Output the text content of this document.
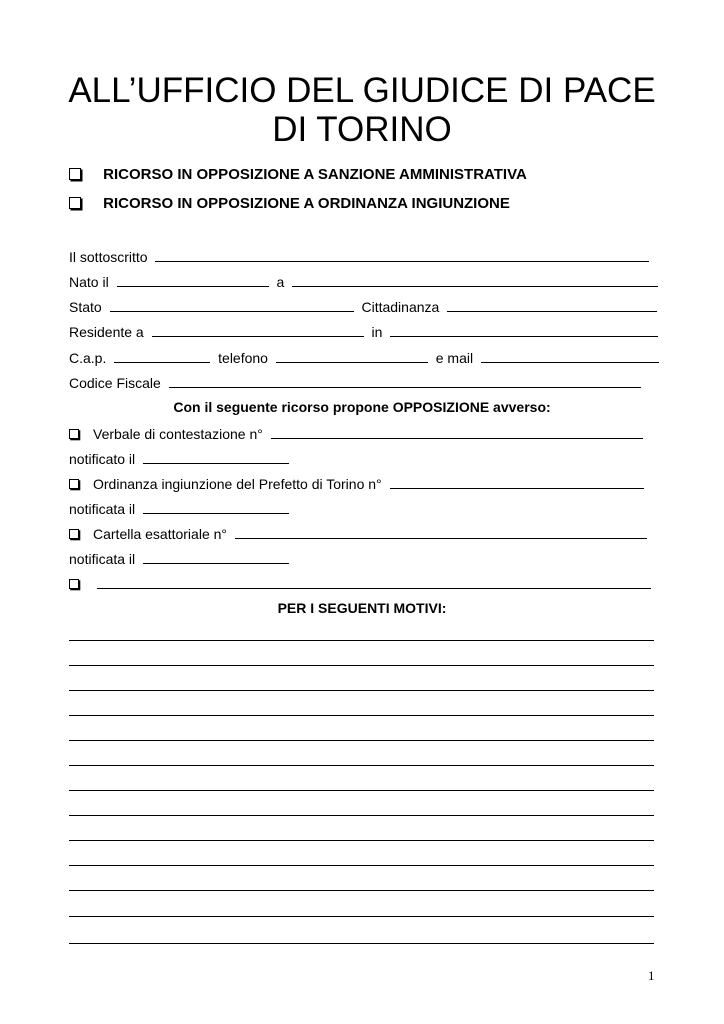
ALL’UFFICIO DEL GIUDICE DI PACE
DI TORINO
RICORSO IN OPPOSIZIONE A SANZIONE AMMINISTRATIVA
RICORSO IN OPPOSIZIONE A ORDINANZA INGIUNZIONE
Il sottoscritto
Nato il	a
Stato	Cittadinanza
Residente a	in
C.a.p.	telefono	e mail
Codice Fiscale
Con il seguente ricorso propone OPPOSIZIONE avverso:
Verbale di contestazione n°
notificato il
Ordinanza ingiunzione del Prefetto di Torino n°
notificata il
Cartella esattoriale n°
notificata il

PER I SEGUENTI MOTIVI:
1
